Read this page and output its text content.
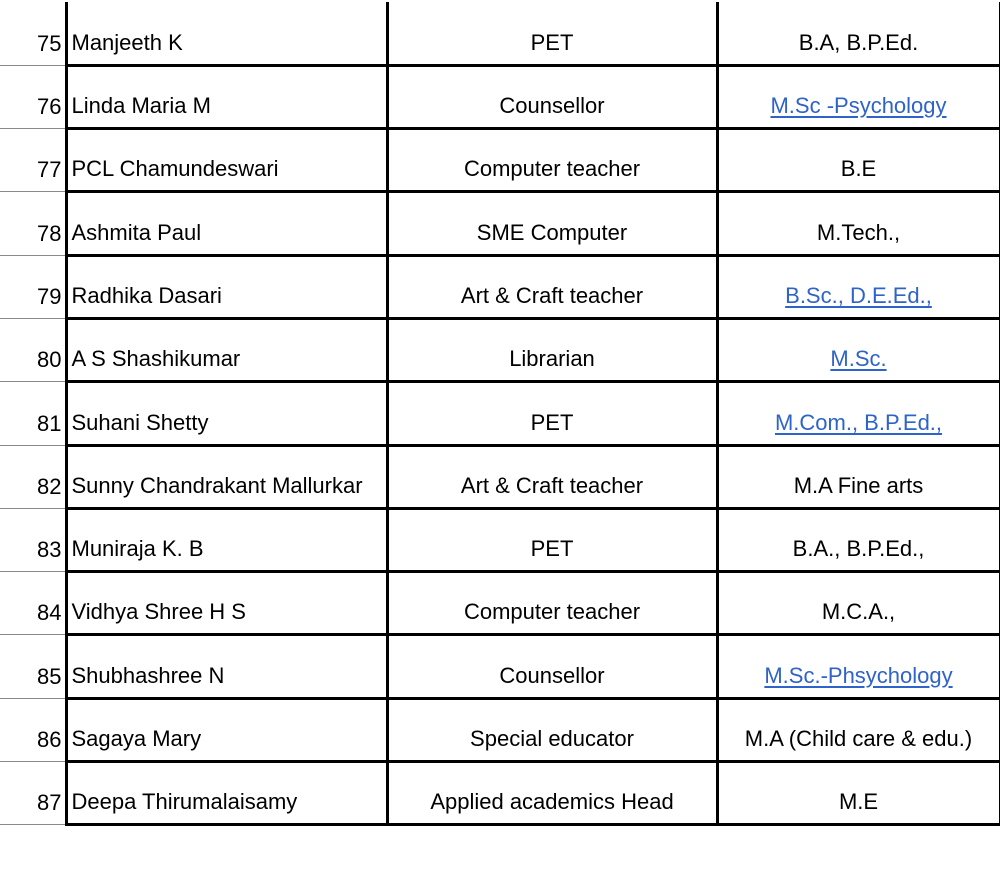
75	Manjeeth K	PET	B.A, B.P.Ed.
76	Linda Maria M	Counsellor	M.Sc -Psychology
77	PCL Chamundeswari	Computer teacher	B.E
78	Ashmita Paul	SME Computer	M.Tech.,
79	Radhika Dasari	Art & Craft teacher	B.Sc., D.E.Ed.,
80	A S Shashikumar	Librarian	M.Sc.
81	Suhani Shetty	PET	M.Com., B.P.Ed.,
82	Sunny Chandrakant Mallurkar	Art & Craft teacher	M.A Fine arts
83	Muniraja K. B	PET	B.A., B.P.Ed.,
84	Vidhya Shree H S	Computer teacher	M.C.A.,
85	Shubhashree N	Counsellor	M.Sc.-Phsychology
86	Sagaya Mary	Special educator	M.A (Child care & edu.)
87	Deepa Thirumalaisamy	Applied academics Head	M.E
